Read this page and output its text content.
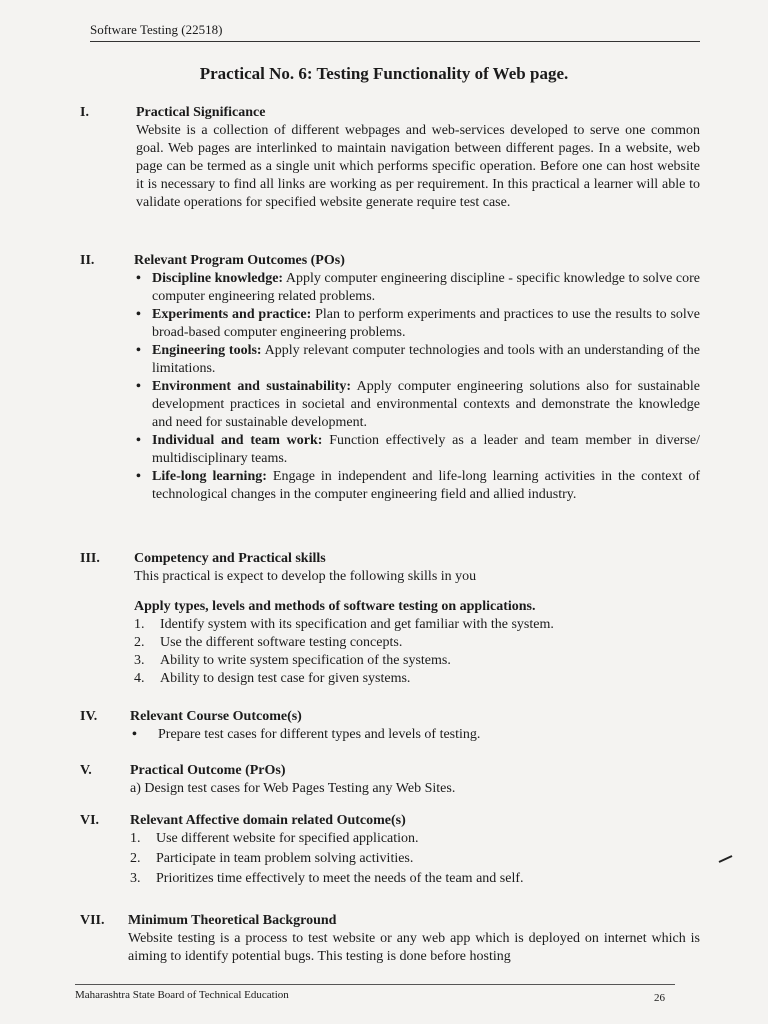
Software Testing (22518)
Practical No. 6: Testing Functionality of Web page.
I.	Practical Significance
Website is a collection of different webpages and web-services developed to serve one common goal. Web pages are interlinked to maintain navigation between different pages. In a website, web page can be termed as a single unit which performs specific operation. Before one can host website it is necessary to find all links are working as per requirement. In this practical a learner will able to validate operations for specified website generate require test case.
II.	Relevant Program Outcomes (POs)
• Discipline knowledge: Apply computer engineering discipline - specific knowledge to solve core computer engineering related problems.
• Experiments and practice: Plan to perform experiments and practices to use the results to solve broad-based computer engineering problems.
• Engineering tools: Apply relevant computer technologies and tools with an understanding of the limitations.
• Environment and sustainability: Apply computer engineering solutions also for sustainable development practices in societal and environmental contexts and demonstrate the knowledge and need for sustainable development.
• Individual and team work: Function effectively as a leader and team member in diverse/ multidisciplinary teams.
• Life-long learning: Engage in independent and life-long learning activities in the context of technological changes in the computer engineering field and allied industry.
III. Competency and Practical skills
This practical is expect to develop the following skills in you
Apply types, levels and methods of software testing on applications.
1. Identify system with its specification and get familiar with the system.
2. Use the different software testing concepts.
3. Ability to write system specification of the systems.
4. Ability to design test case for given systems.
IV. Relevant Course Outcome(s)
• Prepare test cases for different types and levels of testing.
V.	Practical Outcome (PrOs)
a) Design test cases for Web Pages Testing any Web Sites.
VI. Relevant Affective domain related Outcome(s)
1. Use different website for specified application.
2. Participate in team problem solving activities.
3. Prioritizes time effectively to meet the needs of the team and self.
VII. Minimum Theoretical Background
Website testing is a process to test website or any web app which is deployed on internet which is aiming to identify potential bugs. This testing is done before hosting
Maharashtra State Board of Technical Education	26
